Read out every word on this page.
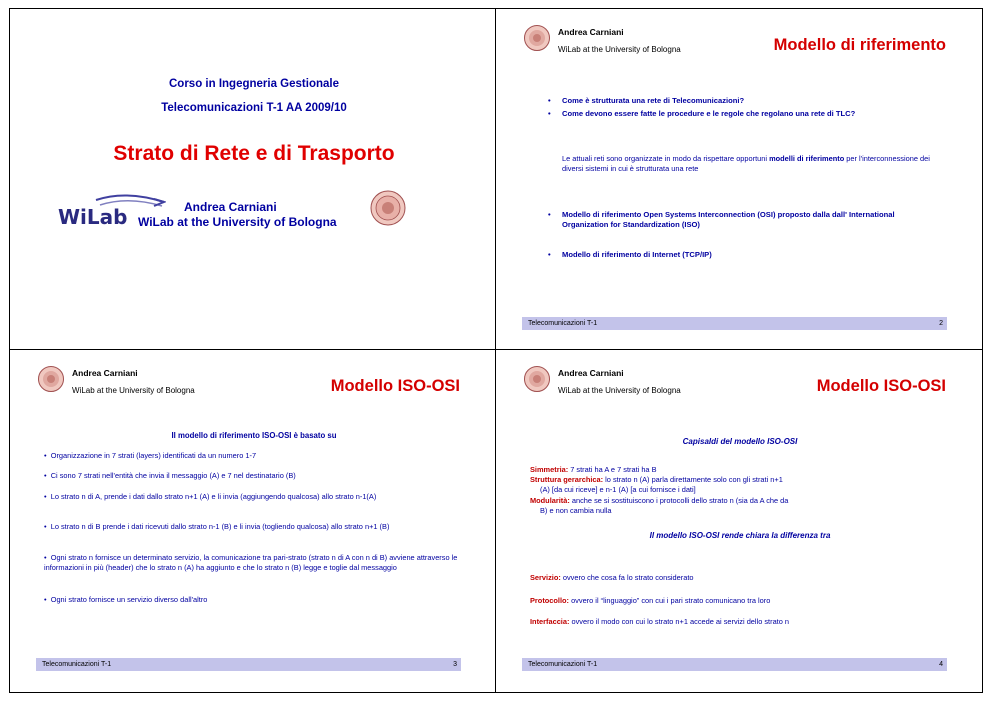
Corso in Ingegneria Gestionale
Telecomunicazioni T-1 AA 2009/10
Strato di Rete e di Trasporto
WiLab	Andrea Carniani
WiLab at the University of Bologna
Andrea Carniani
WiLab at the University of Bologna	Modello di riferimento
• Come è strutturata una rete di Telecomunicazioni?
• Come devono essere fatte le procedure e le regole che regolano una rete di TLC?
Le attuali reti sono organizzate in modo da rispettare opportuni modelli di riferimento per l'interconnessione dei diversi sistemi in cui è strutturata una rete
• Modello di riferimento Open Systems Interconnection (OSI) proposto dalla dall' International Organization for Standardization (ISO)
• Modello di riferimento di Internet (TCP/IP)
Telecomunicazioni T-1	2
Andrea Carniani
WiLab at the University of Bologna	Modello ISO-OSI
Il modello di riferimento ISO-OSI è basato su
•  Organizzazione in 7 strati (layers) identificati da un numero 1-7
•  Ci sono 7 strati nell'entità che invia il messaggio (A) e 7 nel destinatario (B)
•  Lo strato n di A, prende i dati dallo strato n+1 (A) e li invia (aggiungendo qualcosa) allo strato n-1(A)
•  Lo strato n di B prende i dati ricevuti dallo strato n-1 (B) e li invia (togliendo qualcosa) allo strato n+1 (B)
•  Ogni strato n fornisce un determinato servizio, la comunicazione tra pari-strato (strato n di A con n di B) avviene attraverso le informazioni in più (header) che lo strato n (A) ha aggiunto e che lo strato n (B) legge e toglie dal messaggio
•  Ogni strato fornisce un servizio diverso dall'altro
Telecomunicazioni T-1	3
Andrea Carniani
WiLab at the University of Bologna	Modello ISO-OSI
Capisaldi del modello ISO-OSI
Simmetria: 7 strati ha A e 7 strati ha B
Struttura gerarchica: lo strato n (A) parla direttamente solo con gli strati n+1
(A) [da cui riceve] e n-1 (A) [a cui fornisce i dati]
Modularità: anche se si sostituiscono i protocolli dello strato n (sia da A che da
B) e non cambia nulla
Il modello ISO-OSI rende chiara la differenza tra
Servizio: ovvero che cosa fa lo strato considerato
Protocollo: ovvero il “linguaggio” con cui i pari strato comunicano tra loro
Interfaccia: ovvero il modo con cui lo strato n+1 accede ai servizi dello strato n
Telecomunicazioni T-1	4
